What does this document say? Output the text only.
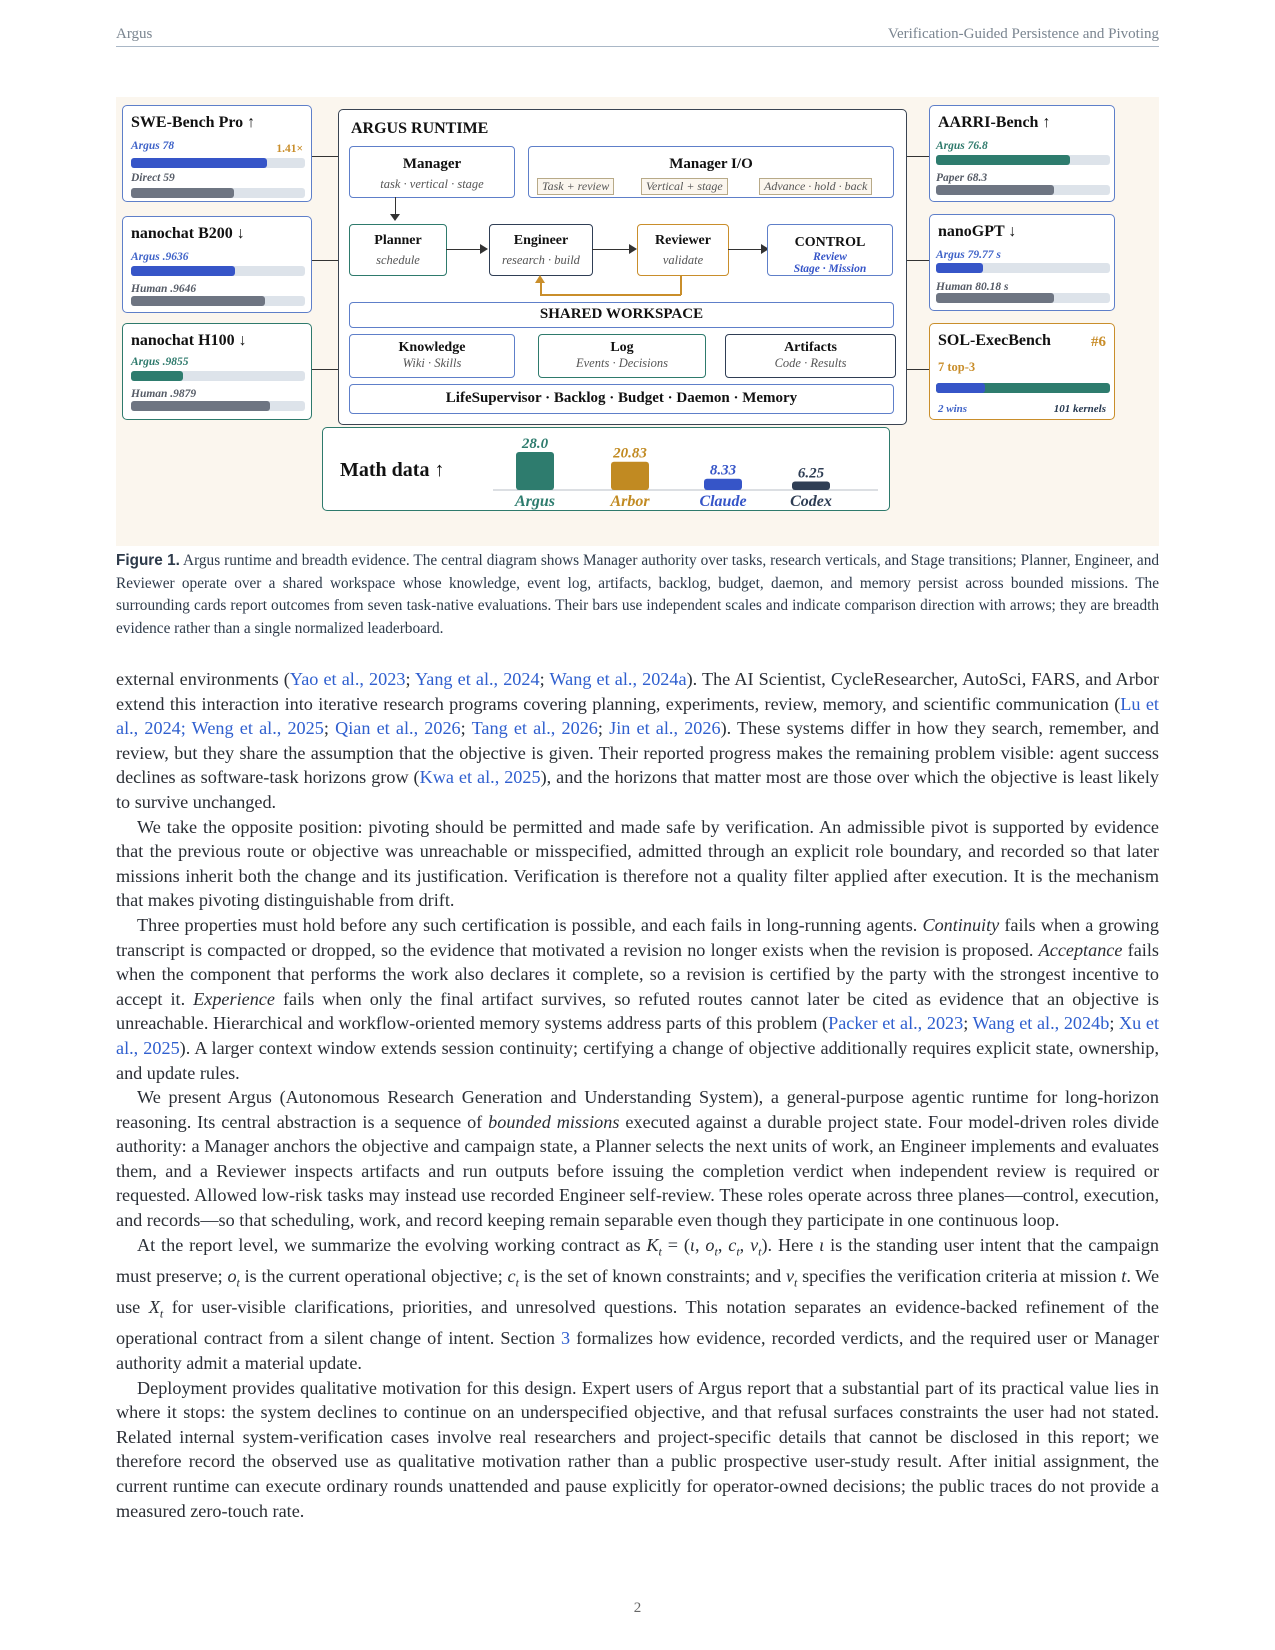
Argus	Verification-Guided Persistence and Pivoting
SWE-Bench Pro ↑
Argus 78	1.41×
Direct 59
nanochat B200 ↓
Argus .9636
Human .9646
nanochat H100 ↓
Argus .9855
Human .9879
AARRI-Bench ↑
Argus 76.8
Paper 68.3
nanoGPT ↓
Argus 79.77 s
Human 80.18 s
SOL-ExecBench	#6
7 top-3
2 wins	101 kernels
ARGUS RUNTIME
Manager
task · vertical · stage
Manager I/O
Task + review	Vertical + stage	Advance · hold · back
Planner
schedule
Engineer
research · build
Reviewer
validate
CONTROL
Review
Stage · Mission
SHARED WORKSPACE
Knowledge
Wiki · Skills
Log
Events · Decisions
Artifacts
Code · Results
LifeSupervisor · Backlog · Budget · Daemon · Memory
Math data ↑
28.0
Argus
20.83
Arbor
8.33
Claude
6.25
Codex
Figure 1. Argus runtime and breadth evidence. The central diagram shows Manager authority over tasks, research verticals, and Stage transitions; Planner, Engineer, and Reviewer operate over a shared workspace whose knowledge, event log, artifacts, backlog, budget, daemon, and memory persist across bounded missions. The surrounding cards report outcomes from seven task-native evaluations. Their bars use independent scales and indicate comparison direction with arrows; they are breadth evidence rather than a single normalized leaderboard.

external environments (Yao et al., 2023; Yang et al., 2024; Wang et al., 2024a). The AI Scientist, CycleResearcher, AutoSci, FARS, and Arbor extend this interaction into iterative research programs covering planning, experiments, review, memory, and scientific communication (Lu et al., 2024; Weng et al., 2025; Qian et al., 2026; Tang et al., 2026; Jin et al., 2026). These systems differ in how they search, remember, and review, but they share the assumption that the objective is given. Their reported progress makes the remaining problem visible: agent success declines as software-task horizons grow (Kwa et al., 2025), and the horizons that matter most are those over which the objective is least likely to survive unchanged.

We take the opposite position: pivoting should be permitted and made safe by verification. An admissible pivot is supported by evidence that the previous route or objective was unreachable or misspecified, admitted through an explicit role boundary, and recorded so that later missions inherit both the change and its justification. Verification is therefore not a quality filter applied after execution. It is the mechanism that makes pivoting distinguishable from drift.

Three properties must hold before any such certification is possible, and each fails in long-running agents. Continuity fails when a growing transcript is compacted or dropped, so the evidence that motivated a revision no longer exists when the revision is proposed. Acceptance fails when the component that performs the work also declares it complete, so a revision is certified by the party with the strongest incentive to accept it. Experience fails when only the final artifact survives, so refuted routes cannot later be cited as evidence that an objective is unreachable. Hierarchical and workflow-oriented memory systems address parts of this problem (Packer et al., 2023; Wang et al., 2024b; Xu et al., 2025). A larger context window extends session continuity; certifying a change of objective additionally requires explicit state, ownership, and update rules.

We present Argus (Autonomous Research Generation and Understanding System), a general-purpose agentic runtime for long-horizon reasoning. Its central abstraction is a sequence of bounded missions executed against a durable project state. Four model-driven roles divide authority: a Manager anchors the objective and campaign state, a Planner selects the next units of work, an Engineer implements and evaluates them, and a Reviewer inspects artifacts and run outputs before issuing the completion verdict when independent review is required or requested. Allowed low-risk tasks may instead use recorded Engineer self-review. These roles operate across three planes—control, execution, and records—so that scheduling, work, and record keeping remain separable even though they participate in one continuous loop.

At the report level, we summarize the evolving working contract as $K_t = (\iota$, $o_t$, $c_t$, $v_t$). Here ι is the standing user intent that the campaign must preserve; $o_t$ is the current operational objective; $c_t$ is the set of known constraints; and $v_t$ specifies the verification criteria at mission t. We use $X_t$ for user-visible clarifications, priorities, and unresolved questions. This notation separates an evidence-backed refinement of the operational contract from a silent change of intent. Section 3 formalizes how evidence, recorded verdicts, and the required user or Manager authority admit a material update.

Deployment provides qualitative motivation for this design. Expert users of Argus report that a substantial part of its practical value lies in where it stops: the system declines to continue on an underspecified objective, and that refusal surfaces constraints the user had not stated. Related internal system-verification cases involve real researchers and project-specific details that cannot be disclosed in this report; we therefore record the observed use as qualitative motivation rather than a public prospective user-study result. After initial assignment, the current runtime can execute ordinary rounds unattended and pause explicitly for operator-owned decisions; the public traces do not provide a measured zero-touch rate.

2
